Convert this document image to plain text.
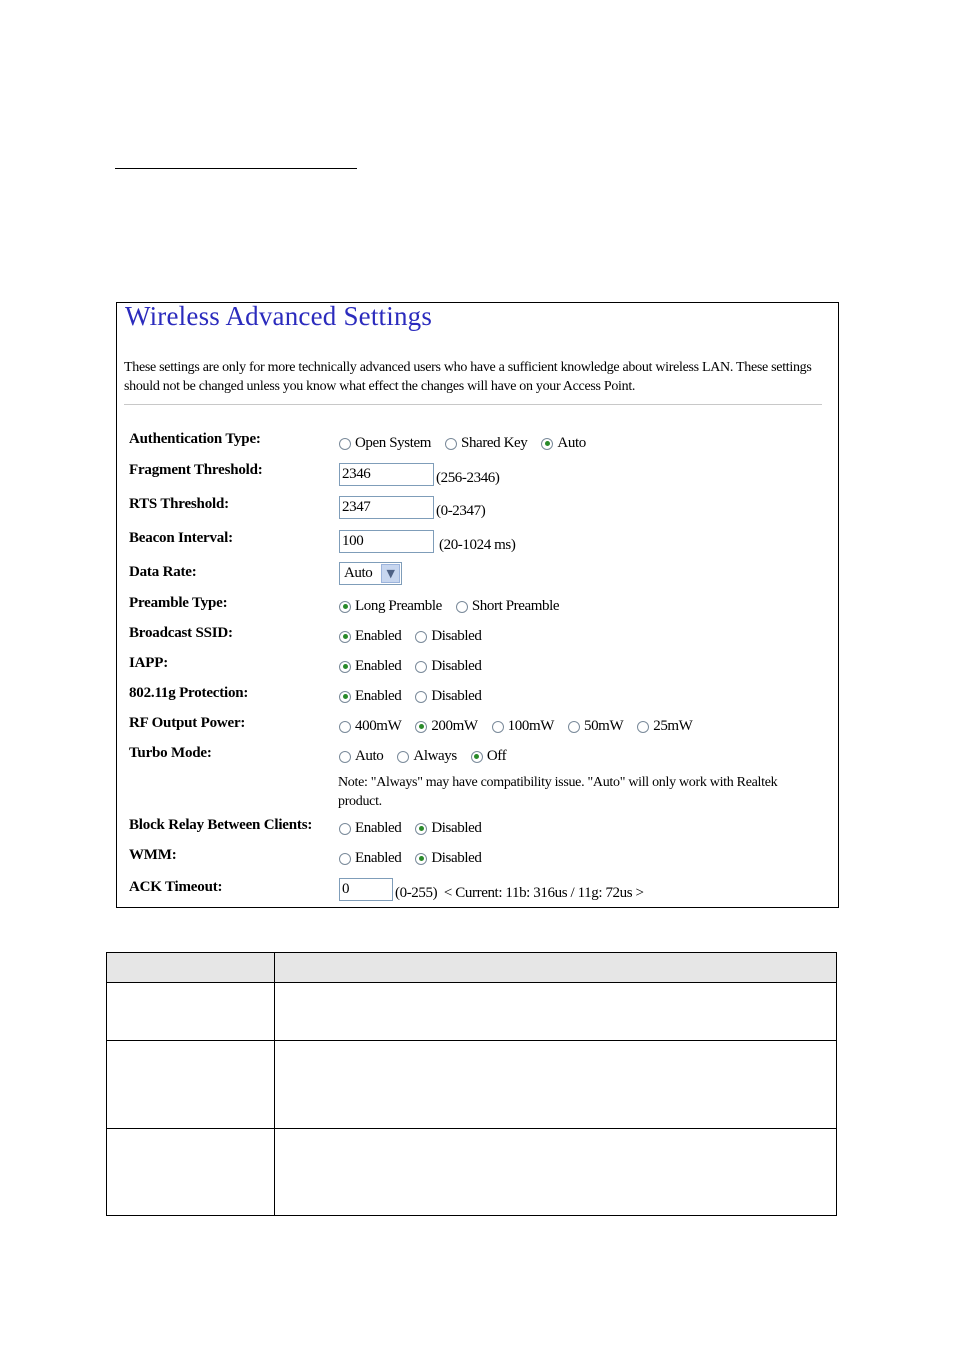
Wireless Advanced Settings
These settings are only for more technically advanced users who have a sufficient knowledge about wireless LAN. These settings should not be changed unless you know what effect the changes will have on your Access Point.
Authentication Type:	Open System Shared Key Auto
Fragment Threshold:	2346	(256-2346)
RTS Threshold:	2347	(0-2347)
Beacon Interval:	100	(20-1024 ms)
Data Rate:	Auto	▼
Preamble Type:	Long Preamble Short Preamble
Broadcast SSID:	Enabled Disabled
IAPP:	Enabled Disabled
802.11g Protection:	Enabled Disabled
RF Output Power:	400mW 200mW 100mW 50mW 25mW
Turbo Mode:	Auto Always Off
Note: "Always" may have compatibility issue. "Auto" will only work with Realtek product.
Block Relay Between Clients:	Enabled Disabled
WMM:	Enabled Disabled
ACK Timeout:	0	(0-255)  < Current: 11b: 316us / 11g: 72us >
